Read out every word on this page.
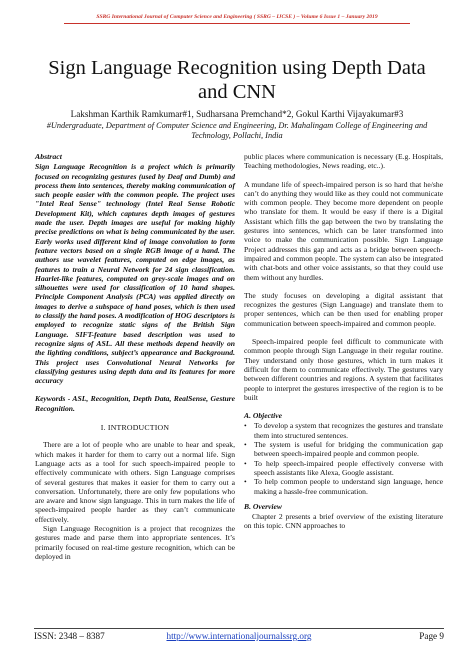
SSRG International Journal of Computer Science and Engineering ( SSRG – IJCSE ) – Volume 6 Issue 1 – January 2019
Sign Language Recognition using Depth Data and CNN
Lakshman Karthik Ramkumar#1, Sudharsana Premchand*2, Gokul Karthi Vijayakumar#3
#Undergraduate, Department of Computer Science and Engineering, Dr. Mahalingam College of Engineering and Technology, Pollachi, India
Abstract

Sign Language Recognition is a project which is primarily focused on recognizing gestures (used by Deaf and Dumb) and process them into sentences, thereby making communication of such people easier with the common people. The project uses "Intel Real Sense" technology (Intel Real Sense Robotic Development Kit), which captures depth images of gestures made the user. Depth images are useful for making highly precise predictions on what is being communicated by the user. Early works used different kind of image convolution to form feature vectors based on a single RGB image of a hand. The authors use wavelet features, computed on edge images, as features to train a Neural Network for 24 sign classification. Haarlet-like features, computed on grey-scale images and on silhouettes were used for classification of 10 hand shapes. Principle Component Analysis (PCA) was applied directly on images to derive a subspace of hand poses, which is then used to classify the hand poses. A modification of HOG descriptors is employed to recognize static signs of the British Sign Language. SIFT-feature based description was used to recognize signs of ASL. All these methods depend heavily on the lighting conditions, subject’s appearance and Background. This project uses Convolutional Neural Networks for classifying gestures using depth data and its features for more accuracy

Keywords - ASL, Recognition, Depth Data, RealSense, Gesture Recognition.

I. INTRODUCTION

There are a lot of people who are unable to hear and speak, which makes it harder for them to carry out a normal life. Sign Language acts as a tool for such speech-impaired people to effectively communicate with others. Sign Language comprises of several gestures that makes it easier for them to carry out a conversation. Unfortunately, there are only few populations who are aware and know sign language. This in turn makes the life of speech-impaired people harder as they can’t communicate effectively.

Sign Language Recognition is a project that recognizes the gestures made and parse them into appropriate sentences. It’s primarily focused on real-time gesture recognition, which can be deployed in

public places where communication is necessary (E.g. Hospitals, Teaching methodologies, News reading, etc..).

A mundane life of speech-impaired person is so hard that he/she can’t do anything they would like as they could not communicate with common people. They become more dependent on people who translate for them. It would be easy if there is a Digital Assistant which fills the gap between the two by translating the gestures into sentences, which can be later transformed into voice to make the communication possible. Sign Language Project addresses this gap and acts as a bridge between speech-impaired and common people. The system can also be integrated with chat-bots and other voice assistants, so that they could use them without any hurdles.

The study focuses on developing a digital assistant that recognizes the gestures (Sign Language) and translate them to proper sentences, which can be then used for enabling proper communication between speech-impaired and common people.

Speech-impaired people feel difficult to communicate with common people through Sign Language in their regular routine. They understand only those gestures, which in turn makes it difficult for them to communicate effectively. The gestures vary between different countries and regions. A system that facilitates people to interpret the gestures irrespective of the region is to be built

A. Objective
• To develop a system that recognizes the gestures and translate them into structured sentences.
• The system is useful for bridging the communication gap between speech-impaired people and common people.
• To help speech-impaired people effectively converse with speech assistants like Alexa, Google assistant.
• To help common people to understand sign language, hence making a hassle-free communication.
B. Overview

Chapter 2 presents a brief overview of the existing literature on this topic. CNN approaches to

ISSN: 2348 – 8387	http://www.internationaljournalssrg.org	Page 9
